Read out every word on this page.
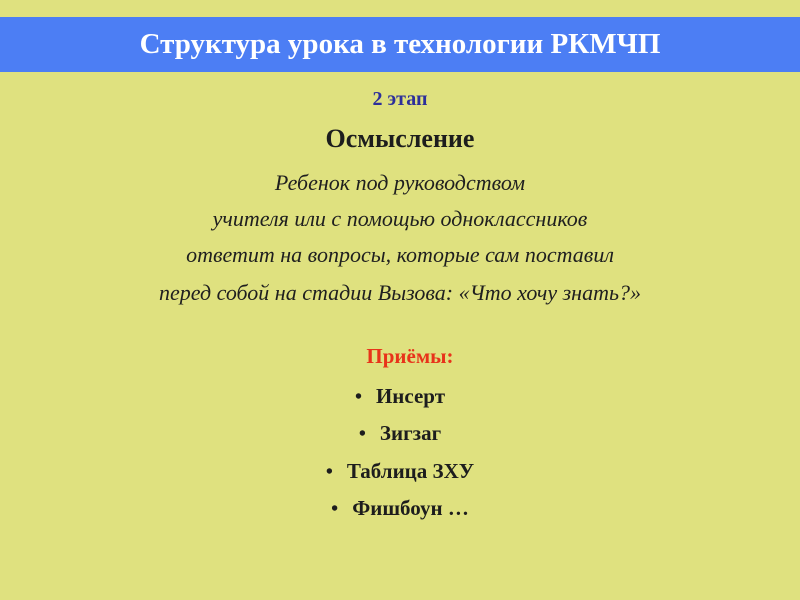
Структура урока в технологии РКМЧП
2 этап
Осмысление
Ребенок под руководством
учителя или с помощью одноклассников
ответит на вопросы, которые сам поставил
перед собой на стадии Вызова: «Что хочу знать?»
Приёмы:
• Инсерт
• Зигзаг
• Таблица ЗХУ
• Фишбоун …
